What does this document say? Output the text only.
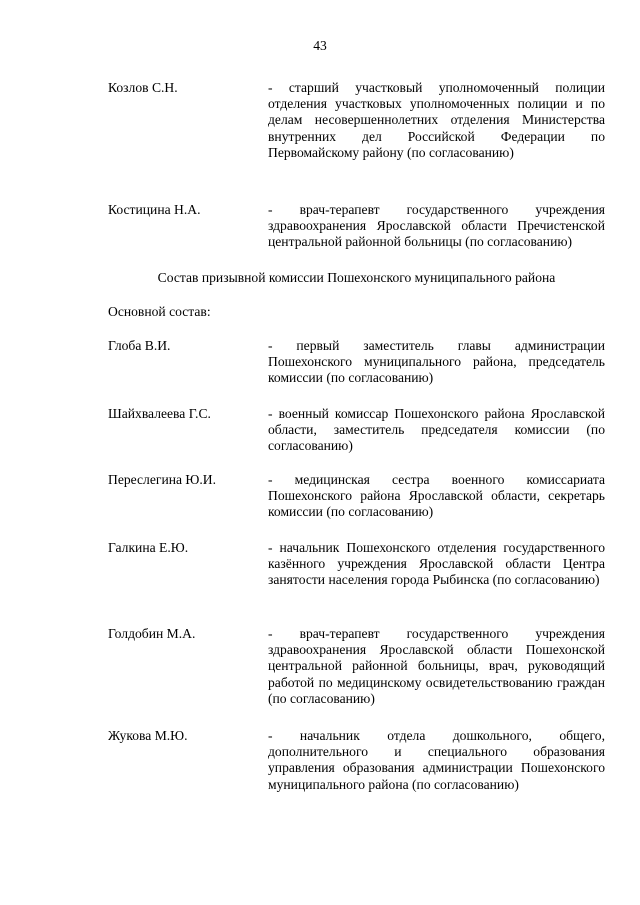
43
Козлов С.Н.	- старший участковый уполномоченный полиции отделения участковых уполномоченных полиции и по делам несовершеннолетних отделения Министерства внутренних дел Российской Федерации по Первомайскому району (по согласованию)
Костицина Н.А.	- врач-терапевт государственного учреждения здравоохранения Ярославской области Пречистенской центральной районной больницы (по согласованию)
Состав призывной комиссии Пошехонского муниципального района
Основной состав:
Глоба В.И.	- первый заместитель главы администрации Пошехонского муниципального района, председатель комиссии (по согласованию)
Шайхвалеева Г.С.	- военный комиссар Пошехонского района Ярославской области, заместитель председателя комиссии (по согласованию)
Переслегина Ю.И.	- медицинская сестра военного комиссариата Пошехонского района Ярославской области, секретарь комиссии (по согласованию)
Галкина Е.Ю.	- начальник Пошехонского отделения государственного казённого учреждения Ярославской области Центра занятости населения города Рыбинска (по согласованию)
Голдобин М.А.	- врач-терапевт государственного учреждения здравоохранения Ярославской области Пошехонской центральной районной больницы, врач, руководящий работой по медицинскому освидетельствованию граждан (по согласованию)
Жукова М.Ю.	- начальник отдела дошкольного, общего, дополнительного и специального образования управления образования администрации Пошехонского муниципального района (по согласованию)
